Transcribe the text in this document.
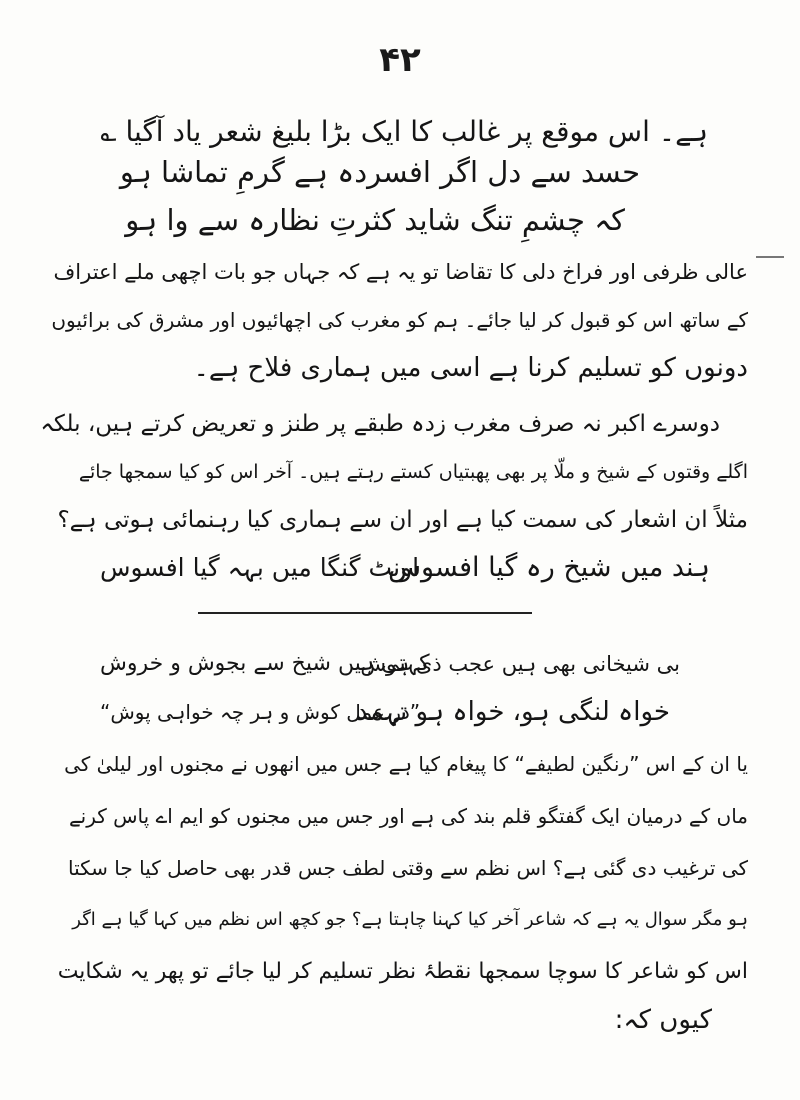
۴۲
ہے۔ اس موقع پر غالب کا ایک بڑا بلیغ شعر یاد آگیا ؎
حسد سے دل اگر افسردہ ہے گرمِ تماشا ہو
کہ چشمِ تنگ شاید کثرتِ نظارہ سے وا ہو
عالی ظرفی اور فراخ دلی کا تقاضا تو یہ ہے کہ جہاں جو بات اچھی ملے اعتراف
کے ساتھ اس کو قبول کر لیا جائے۔ ہم کو مغرب کی اچھائیوں اور مشرق کی برائیوں
دونوں کو تسلیم کرنا ہے اسی میں ہماری فلاح ہے۔
دوسرے اکبر نہ صرف مغرب زدہ طبقے پر طنز و تعریض کرتے ہیں، بلکہ
اگلے وقتوں کے شیخ و ملّا پر بھی پھبتیاں کستے رہتے ہیں۔ آخر اس کو کیا سمجھا جائے
مثلاً ان اشعار کی سمت کیا ہے اور ان سے ہماری کیا رہنمائی ہوتی ہے؟
ہند میں شیخ رہ گیا افسوس
اونٹ گنگا میں بہہ گیا افسوس
بی شیخانی بھی ہیں عجب ذی ہوش
کہتی ہیں شیخ سے بجوش و خروش
خواہ لنگی ہو، خواہ ہو تہمد
”در عمل کوش و ہر چہ خواہی پوش“
یا ان کے اس ”رنگین لطیفے“ کا پیغام کیا ہے جس میں انھوں نے مجنوں اور لیلیٰ کی
ماں کے درمیان ایک گفتگو قلم بند کی ہے اور جس میں مجنوں کو ایم اے پاس کرنے
کی ترغیب دی گئی ہے؟ اس نظم سے وقتی لطف جس قدر بھی حاصل کیا جا سکتا
ہو مگر سوال یہ ہے کہ شاعر آخر کیا کہنا چاہتا ہے؟ جو کچھ اس نظم میں کہا گیا ہے اگر
اس کو شاعر کا سوچا سمجھا نقطۂ نظر تسلیم کر لیا جائے تو پھر یہ شکایت
کیوں کہ:
